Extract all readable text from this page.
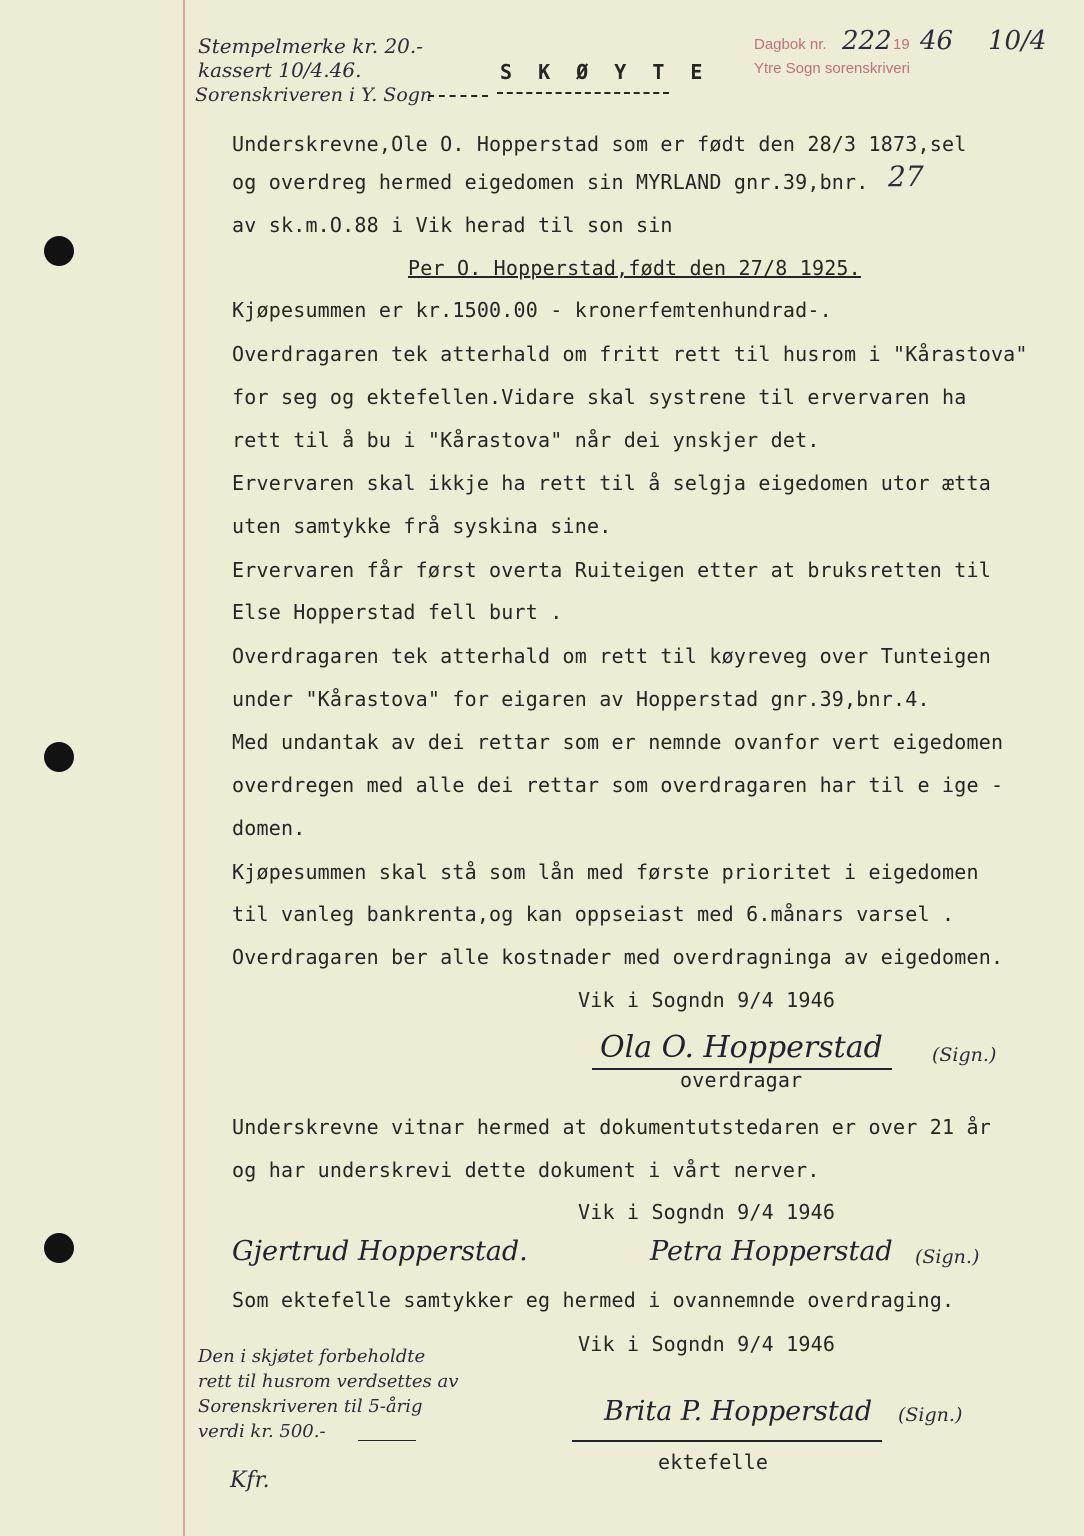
Stempelmerke kr. 20.-
kassert 10/4.46.
Sorenskriveren i Y. Sogn
Dagbok nr. 222 19 46 10/4
Ytre Sogn sorenskriveri
S K Ø Y T E
Underskrevne,Ole O. Hopperstad som er født den 28/3 1873,sel
og overdreg hermed eigedomen sin MYRLAND gnr.39,bnr. 27
av sk.m.O.88 i Vik herad til son sin
Per O. Hopperstad,født den 27/8 1925.
Kjøpesummen er kr.1500.00 - kronerfemtenhundrad-.
Overdragaren tek atterhald om fritt rett til husrom i "Kårastova"
for seg og ektefellen.Vidare skal systrene til ervervaren ha
rett til å bu i "Kårastova" når dei ynskjer det.
Ervervaren skal ikkje ha rett til å selgja eigedomen utor ætta
uten samtykke frå syskina sine.
Ervervaren får først overta Ruiteigen etter at bruksretten til
Else Hopperstad fell burt .
Overdragaren tek atterhald om rett til køyreveg over Tunteigen
under "Kårastova" for eigaren av Hopperstad gnr.39,bnr.4.
Med undantak av dei rettar som er nemnde ovanfor vert eigedomen
overdregen med alle dei rettar som overdragaren har til e ige -
domen.
Kjøpesummen skal stå som lån med første prioritet i eigedomen
til vanleg bankrenta,og kan oppseiast med 6.månars varsel .
Overdragaren ber alle kostnader med overdragninga av eigedomen.
Vik i Sogndn 9/4 1946
Ola O. Hopperstad	(Sign.)
overdragar
Underskrevne vitnar hermed at dokumentutstedaren er over 21 år
og har underskrevi dette dokument i vårt nerver.
Vik i Sogndn 9/4 1946
Gjertrud Hopperstad.	Petra Hopperstad (Sign.)
Som ektefelle samtykker eg hermed i ovannemnde overdraging.
Vik i Sogndn 9/4 1946
Den i skjøtet forbeholdte
rett til husrom verdsettes av
Sorenskriveren til 5-årig
verdi kr. 500.-
Brita P. Hopperstad (Sign.)
ektefelle
Kfr.
